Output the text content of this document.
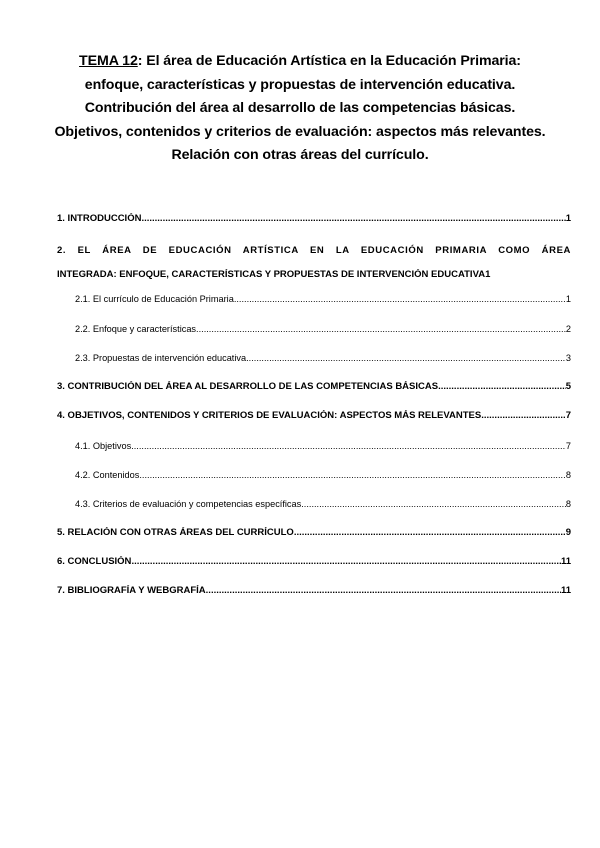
TEMA 12: El área de Educación Artística en la Educación Primaria:
enfoque, características y propuestas de intervención educativa.
Contribución del área al desarrollo de las competencias básicas.
Objetivos, contenidos y criterios de evaluación: aspectos más relevantes.
Relación con otras áreas del currículo.
1. INTRODUCCIÓN .....	1
2. EL ÁREA DE EDUCACIÓN ARTÍSTICA EN LA EDUCACIÓN PRIMARIA COMO ÁREA
INTEGRADA: ENFOQUE, CARACTERÍSTICAS Y PROPUESTAS DE INTERVENCIÓN EDUCATIVA 1
2.1. El currículo de Educación Primaria .....	1
2.2. Enfoque y características. .....	2
2.3. Propuestas de intervención educativa. .....	3
3. CONTRIBUCIÓN DEL ÁREA AL DESARROLLO DE LAS COMPETENCIAS BÁSICAS .....	5
4. OBJETIVOS, CONTENIDOS Y CRITERIOS DE EVALUACIÓN: ASPECTOS MÁS RELEVANTES .....	7
4.1. Objetivos .....	7
4.2. Contenidos .....	8
4.3. Criterios de evaluación y competencias específicas. .....	8
5. RELACIÓN CON OTRAS ÁREAS DEL CURRÍCULO .....	9
6. CONCLUSIÓN .....	11
7. BIBLIOGRAFÍA Y WEBGRAFÍA .....	11
